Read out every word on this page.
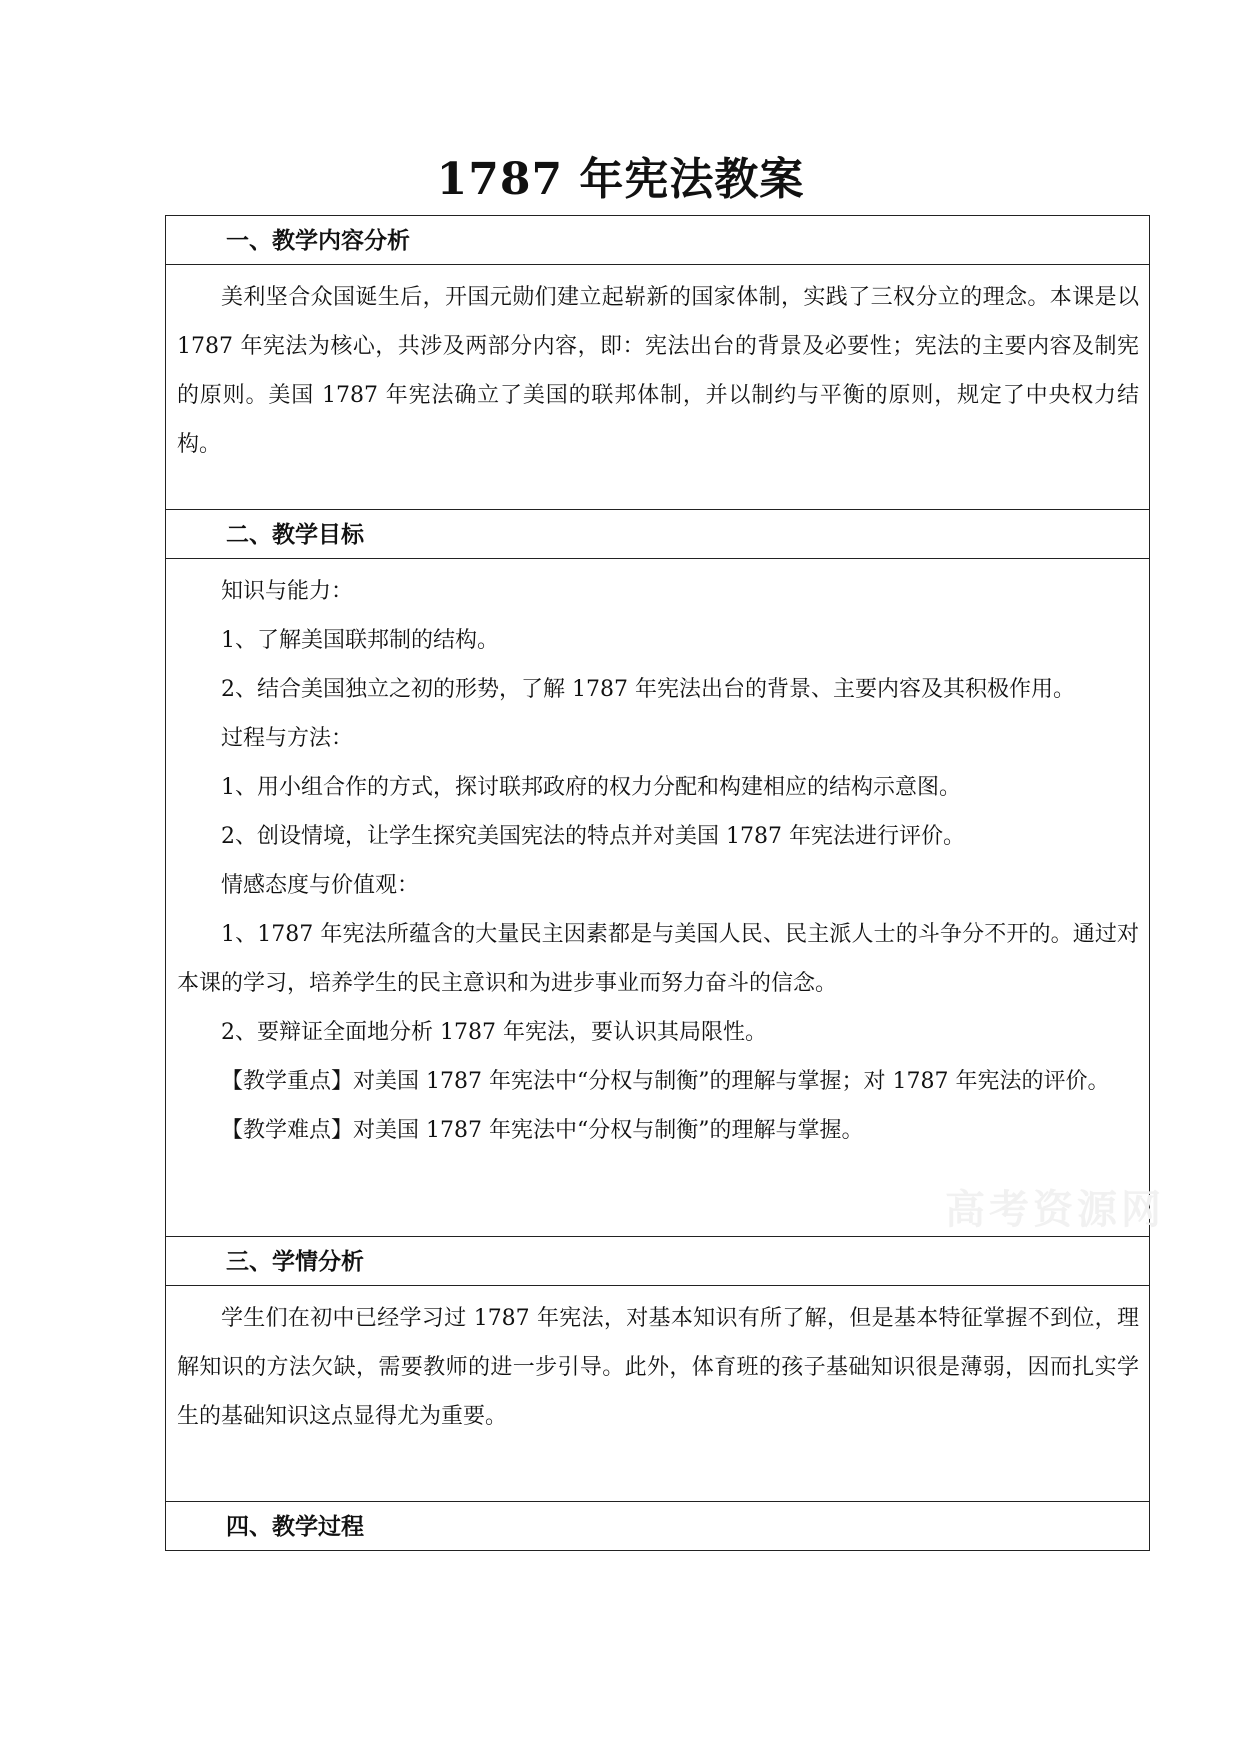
1787 年宪法教案
一、教学内容分析

美利坚合众国诞生后，开国元勋们建立起崭新的国家体制，实践了三权分立的理念。本课是以 1787 年宪法为核心，共涉及两部分内容，即：宪法出台的背景及必要性；宪法的主要内容及制宪的原则。美国 1787 年宪法确立了美国的联邦体制，并以制约与平衡的原则，规定了中央权力结构。

二、教学目标

知识与能力：

1、了解美国联邦制的结构。

2、结合美国独立之初的形势，了解 1787 年宪法出台的背景、主要内容及其积极作用。

过程与方法：

1、用小组合作的方式，探讨联邦政府的权力分配和构建相应的结构示意图。

2、创设情境，让学生探究美国宪法的特点并对美国 1787 年宪法进行评价。

情感态度与价值观：

1、1787 年宪法所蕴含的大量民主因素都是与美国人民、民主派人士的斗争分不开的。通过对本课的学习，培养学生的民主意识和为进步事业而努力奋斗的信念。

2、要辩证全面地分析 1787 年宪法，要认识其局限性。

【教学重点】对美国 1787 年宪法中“分权与制衡”的理解与掌握；对 1787 年宪法的评价。

【教学难点】对美国 1787 年宪法中“分权与制衡”的理解与掌握。

三、学情分析

学生们在初中已经学习过 1787 年宪法，对基本知识有所了解，但是基本特征掌握不到位，理解知识的方法欠缺，需要教师的进一步引导。此外，体育班的孩子基础知识很是薄弱，因而扎实学生的基础知识这点显得尤为重要。

四、教学过程
高考资源网
